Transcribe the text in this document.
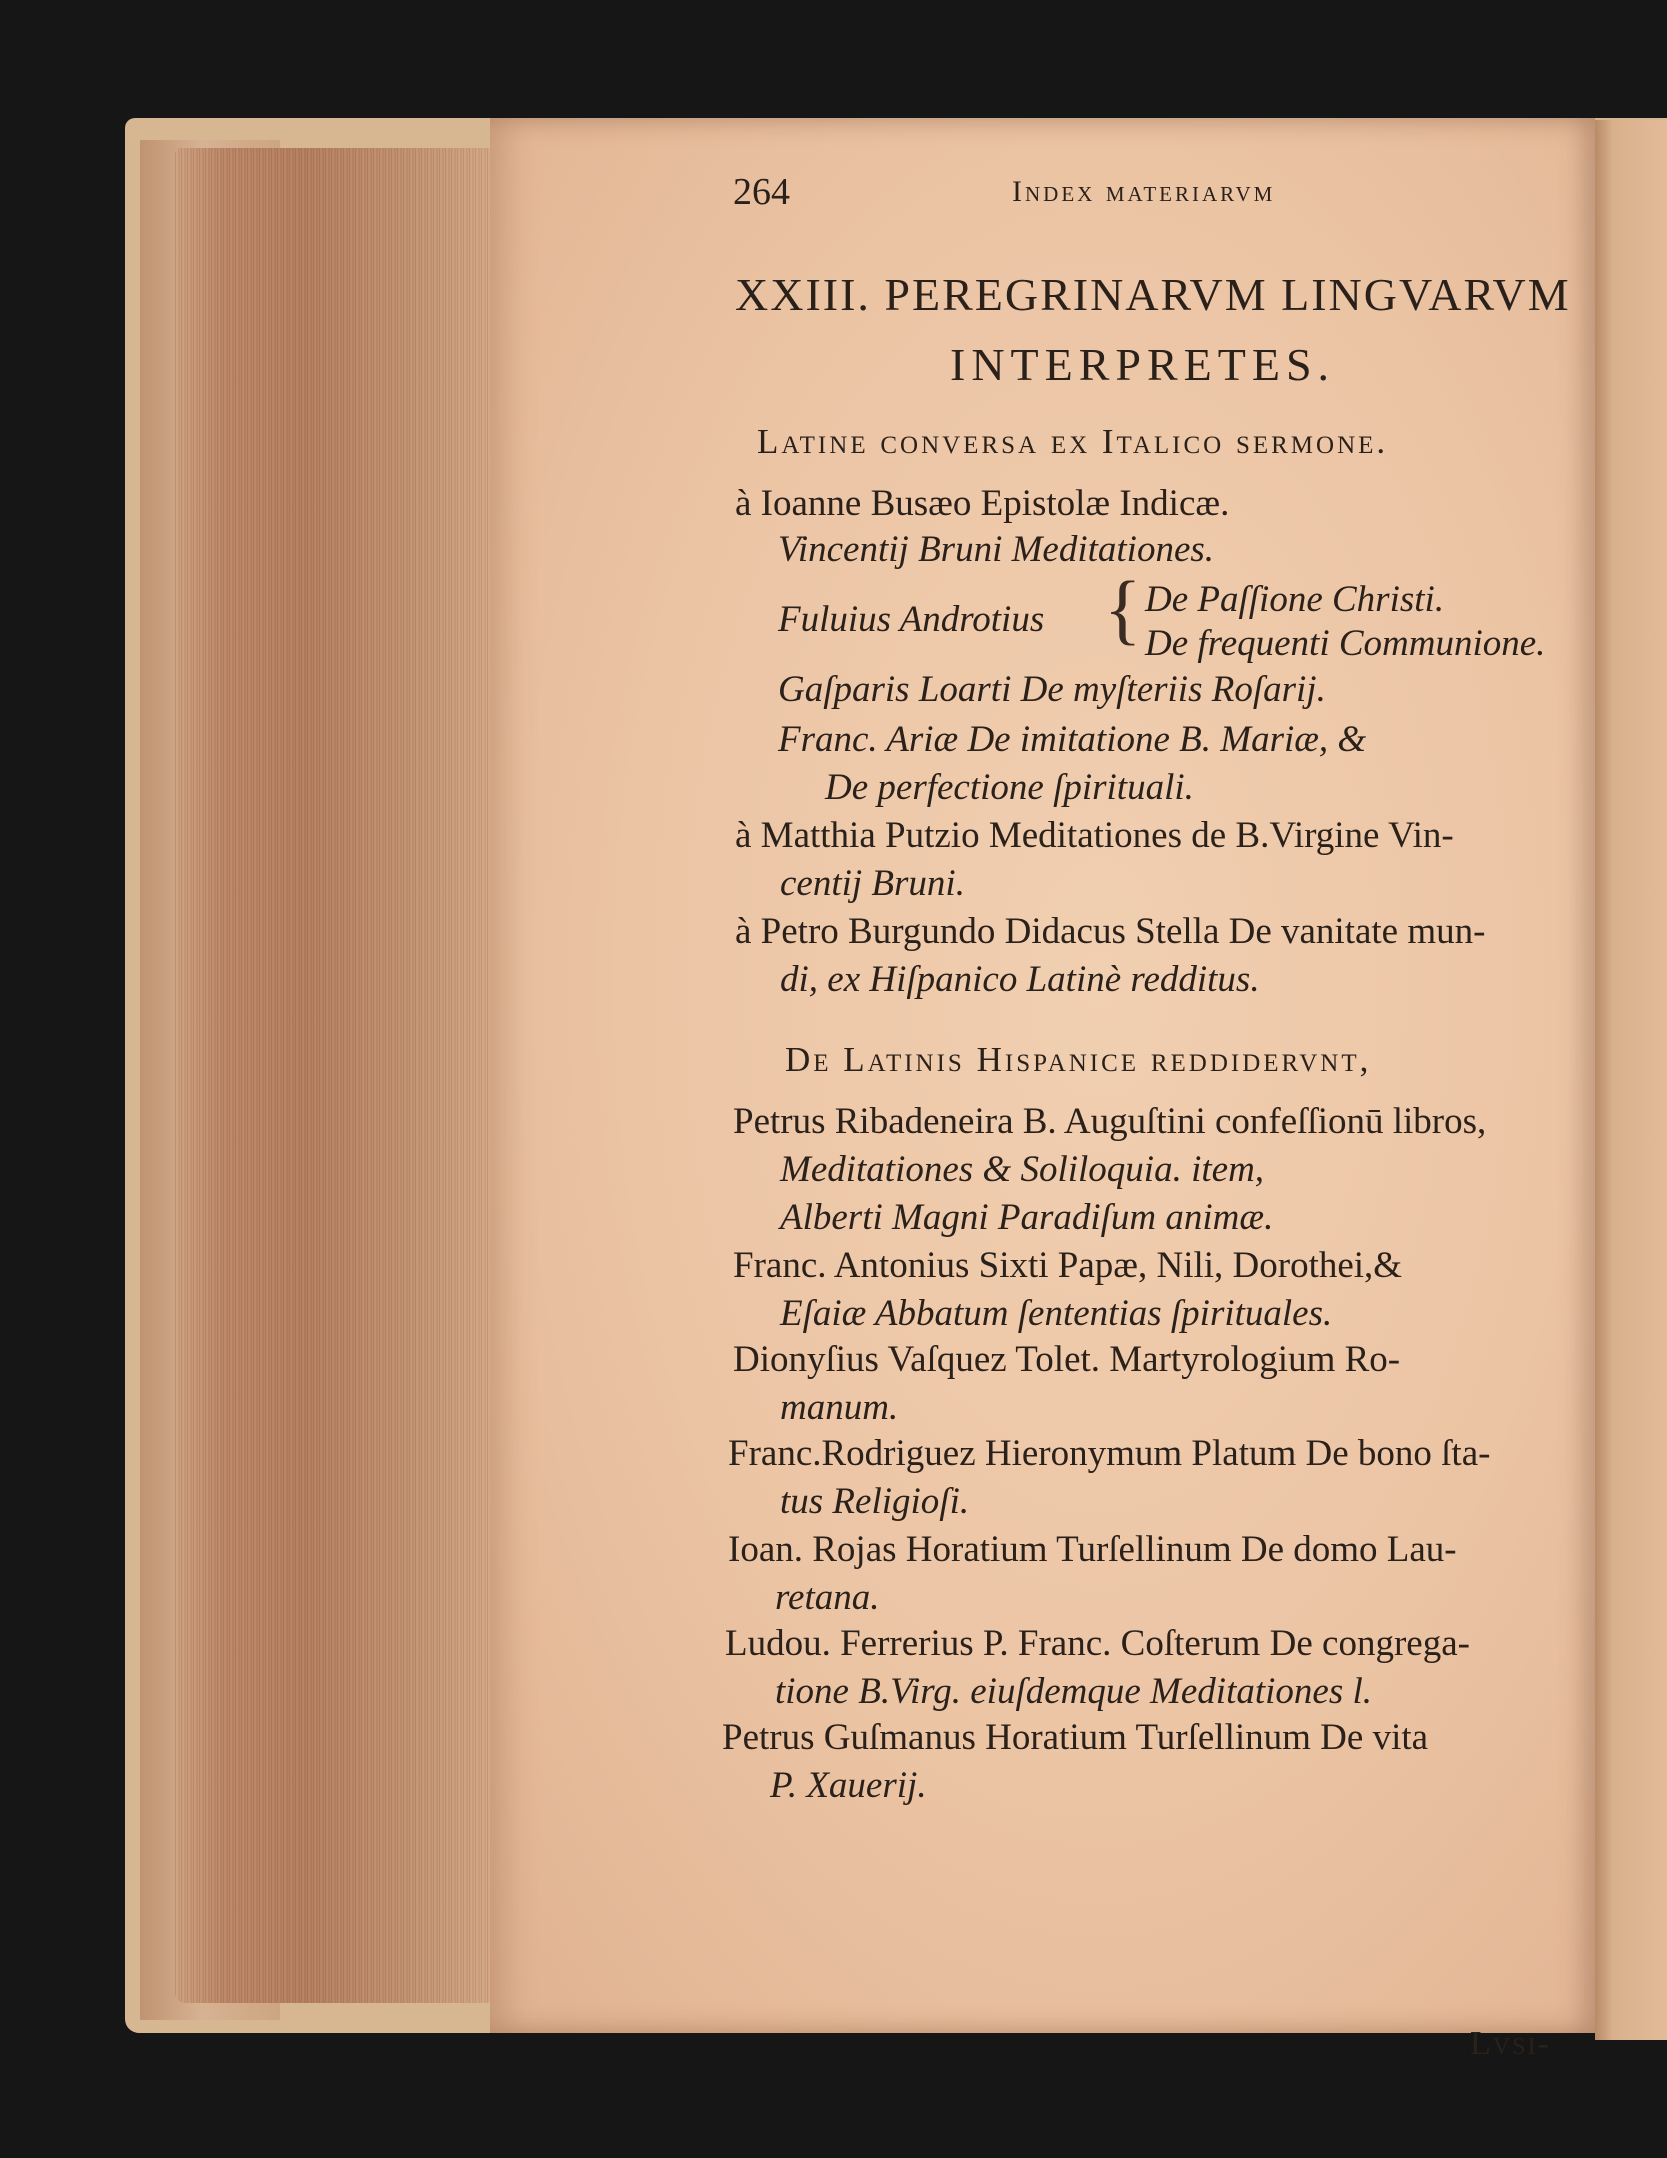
264	Index materiarvm
XXIII. PEREGRINARVM LINGVARVM
INTERPRETES.
Latine conversa ex Italico sermone.
à Ioanne Busæo Epistolæ Indicæ.
Vincentij Bruni Meditationes.
Fuluius Androtius { De Paſſione Christi.
De frequenti Communione.
Gaſparis Loarti De myſteriis Roſarij.
Franc. Ariæ De imitatione B. Mariæ, &
De perfectione ſpirituali.
à Matthia Putzio Meditationes de B.Virgine Vin-
centij Bruni.
à Petro Burgundo Didacus Stella De vanitate mun-
di, ex Hiſpanico Latinè redditus.
De Latinis Hispanice reddidervnt,
Petrus Ribadeneira B. Auguſtini confeſſionū libros,
Meditationes & Soliloquia. item,
Alberti Magni Paradiſum animæ.
Franc. Antonius Sixti Papæ, Nili, Dorothei,&
Eſaiæ Abbatum ſententias ſpirituales.
Dionyſius Vaſquez Tolet. Martyrologium Ro-
manum.
Franc.Rodriguez Hieronymum Platum De bono ſta-
tus Religioſi.
Ioan. Rojas Horatium Turſellinum De domo Lau-
retana.
Ludou. Ferrerius P. Franc. Coſterum De congrega-
tione B.Virg. eiuſdemque Meditationes l.
Petrus Guſmanus Horatium Turſellinum De vita
P. Xauerij.
Lvsi-
